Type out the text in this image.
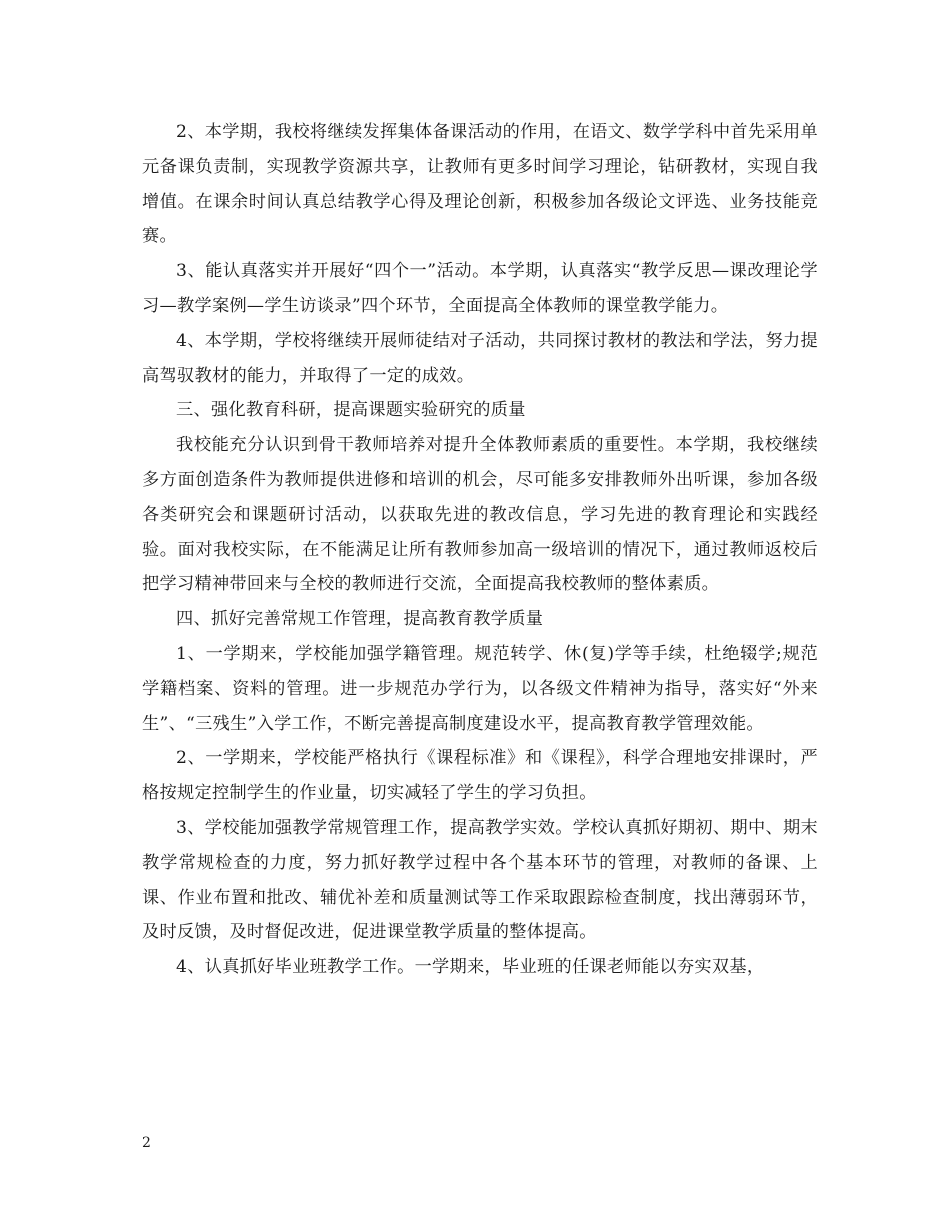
2、本学期，我校将继续发挥集体备课活动的作用，在语文、数学学科中首先采用单元备课负责制，实现教学资源共享，让教师有更多时间学习理论，钻研教材，实现自我增值。在课余时间认真总结教学心得及理论创新，积极参加各级论文评选、业务技能竞赛。

3、能认真落实并开展好“四个一”活动。本学期，认真落实“教学反思—课改理论学习—教学案例—学生访谈录”四个环节，全面提高全体教师的课堂教学能力。

4、本学期，学校将继续开展师徒结对子活动，共同探讨教材的教法和学法，努力提高驾驭教材的能力，并取得了一定的成效。

三、强化教育科研，提高课题实验研究的质量

我校能充分认识到骨干教师培养对提升全体教师素质的重要性。本学期，我校继续多方面创造条件为教师提供进修和培训的机会，尽可能多安排教师外出听课，参加各级各类研究会和课题研讨活动，以获取先进的教改信息，学习先进的教育理论和实践经验。面对我校实际，在不能满足让所有教师参加高一级培训的情况下，通过教师返校后把学习精神带回来与全校的教师进行交流，全面提高我校教师的整体素质。

四、抓好完善常规工作管理，提高教育教学质量

1、一学期来，学校能加强学籍管理。规范转学、休(复)学等手续，杜绝辍学;规范学籍档案、资料的管理。进一步规范办学行为，以各级文件精神为指导，落实好“外来生”、“三残生”入学工作，不断完善提高制度建设水平，提高教育教学管理效能。

2、一学期来，学校能严格执行《课程标准》和《课程》，科学合理地安排课时，严格按规定控制学生的作业量，切实减轻了学生的学习负担。

3、学校能加强教学常规管理工作，提高教学实效。学校认真抓好期初、期中、期末教学常规检查的力度，努力抓好教学过程中各个基本环节的管理，对教师的备课、上课、作业布置和批改、辅优补差和质量测试等工作采取跟踪检查制度，找出薄弱环节，及时反馈，及时督促改进，促进课堂教学质量的整体提高。

4、认真抓好毕业班教学工作。一学期来，毕业班的任课老师能以夯实双基，

2
